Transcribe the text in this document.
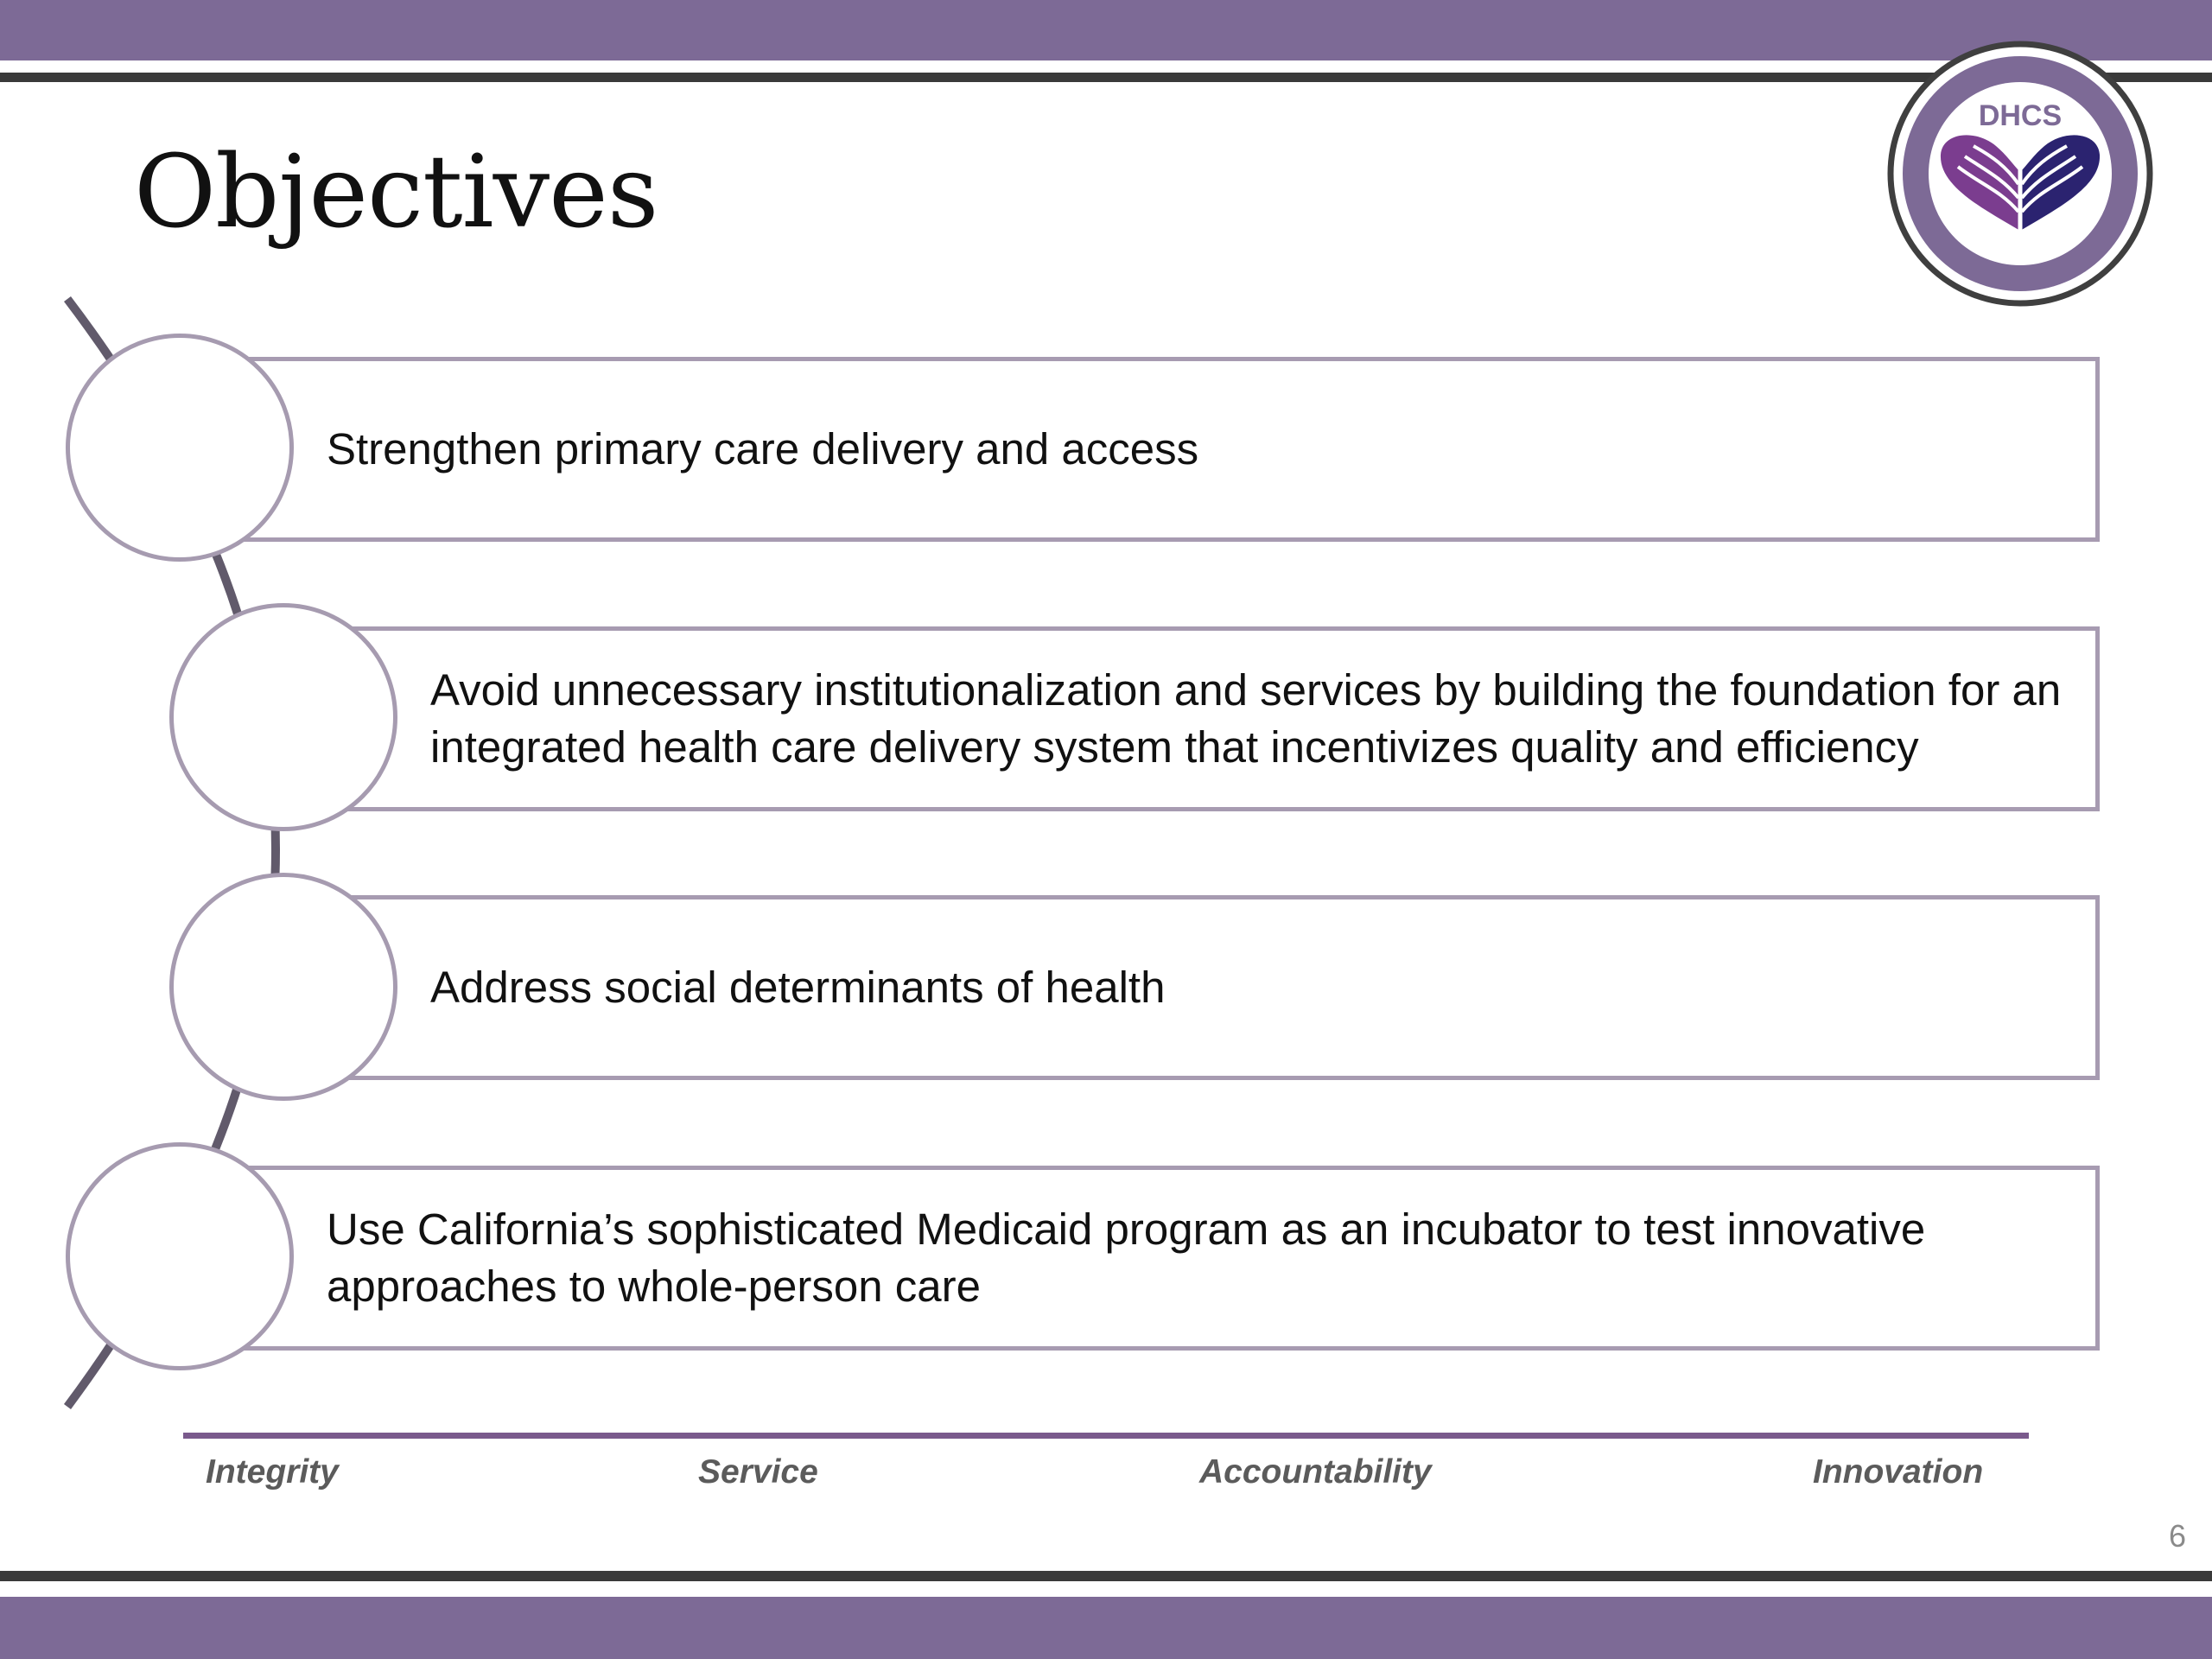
Objectives
DHCS
Strengthen primary care delivery and access
Avoid unnecessary institutionalization and services by building the foundation for an integrated health care delivery system that incentivizes quality and efficiency
Address social determinants of health
Use California’s sophisticated Medicaid program as an incubator to test innovative approaches to whole-person care
Integrity	Service	Accountability	Innovation
6
